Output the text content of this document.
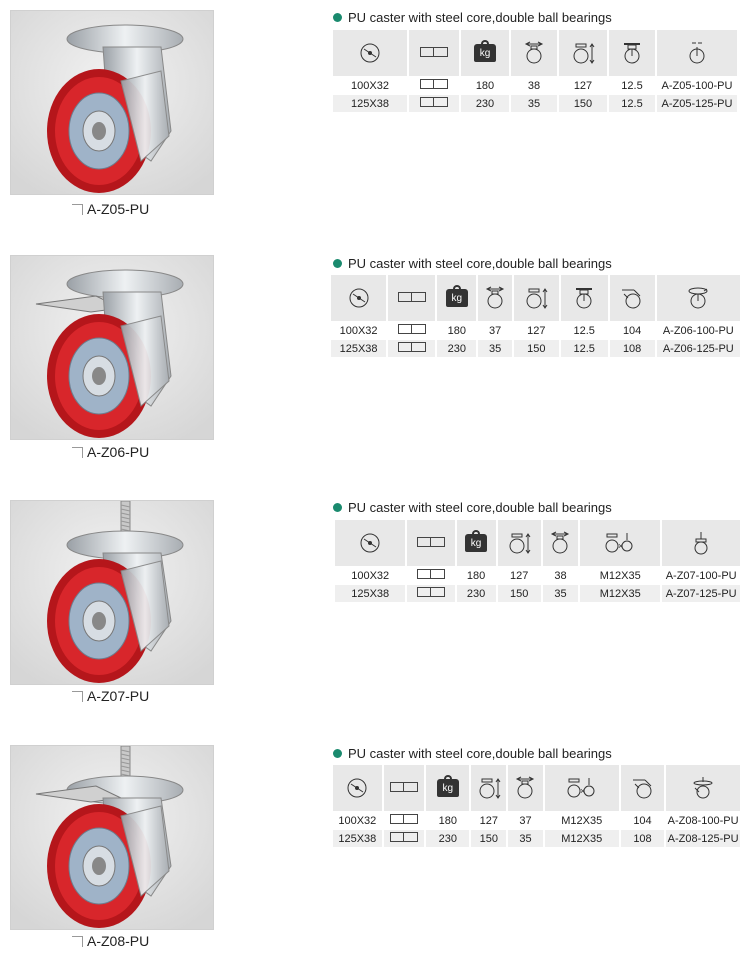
A-Z05-PU
PU caster with steel core,double ball bearings
		kg				
100X32		180	38	127	12.5	A-Z05-100-PU
125X38		230	35	150	12.5	A-Z05-125-PU
A-Z06-PU
PU caster with steel core,double ball bearings
		kg					
100X32		180	37	127	12.5	104	A-Z06-100-PU
125X38		230	35	150	12.5	108	A-Z06-125-PU
A-Z07-PU
PU caster with steel core,double ball bearings
		kg			×

100X32		180	127	38	M12X35	A-Z07-100-PU
125X38		230	150	35	M12X35	A-Z07-125-PU
A-Z08-PU
PU caster with steel core,double ball bearings
		kg			×

100X32		180	127	37	M12X35	104	A-Z08-100-PU
125X38		230	150	35	M12X35	108	A-Z08-125-PU
